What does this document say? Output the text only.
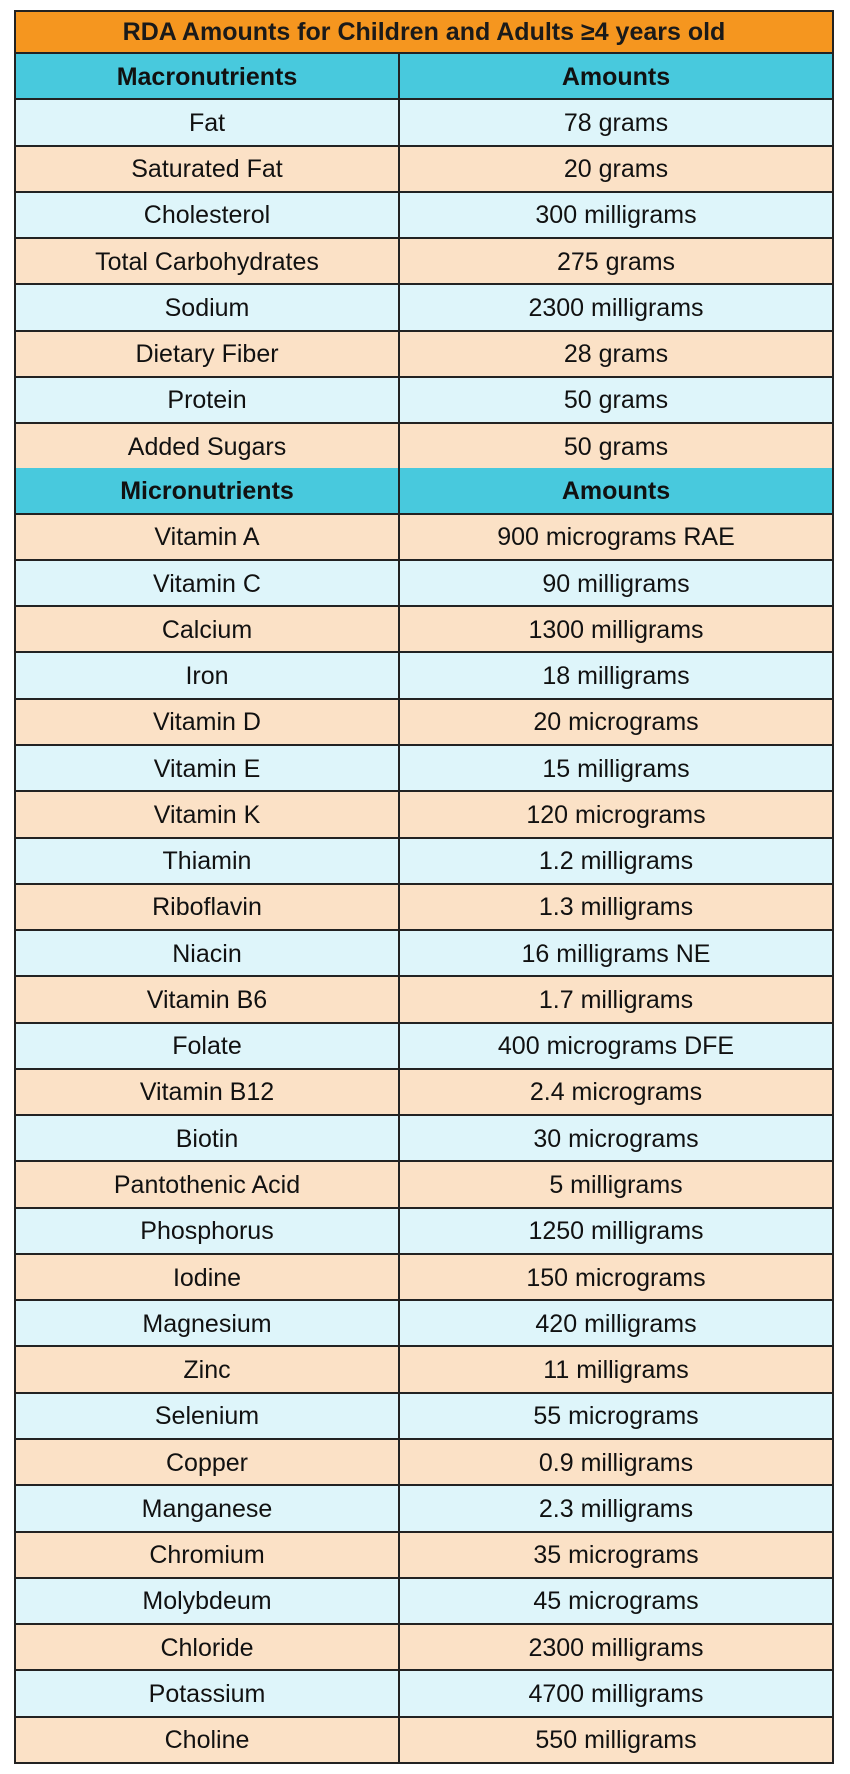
RDA Amounts for Children and Adults ≥4 years old
Macronutrients	Amounts
Fat	78 grams
Saturated Fat	20 grams
Cholesterol	300 milligrams
Total Carbohydrates	275 grams
Sodium	2300 milligrams
Dietary Fiber	28 grams
Protein	50 grams
Added Sugars	50 grams
Micronutrients	Amounts
Vitamin A	900 micrograms RAE
Vitamin C	90 milligrams
Calcium	1300 milligrams
Iron	18 milligrams
Vitamin D	20 micrograms
Vitamin E	15 milligrams
Vitamin K	120 micrograms
Thiamin	1.2 milligrams
Riboflavin	1.3 milligrams
Niacin	16 milligrams NE
Vitamin B6	1.7 milligrams
Folate	400 micrograms DFE
Vitamin B12	2.4 micrograms
Biotin	30 micrograms
Pantothenic Acid	5 milligrams
Phosphorus	1250 milligrams
Iodine	150 micrograms
Magnesium	420 milligrams
Zinc	11 milligrams
Selenium	55 micrograms
Copper	0.9 milligrams
Manganese	2.3 milligrams
Chromium	35 micrograms
Molybdeum	45 micrograms
Chloride	2300 milligrams
Potassium	4700 milligrams
Choline	550 milligrams
